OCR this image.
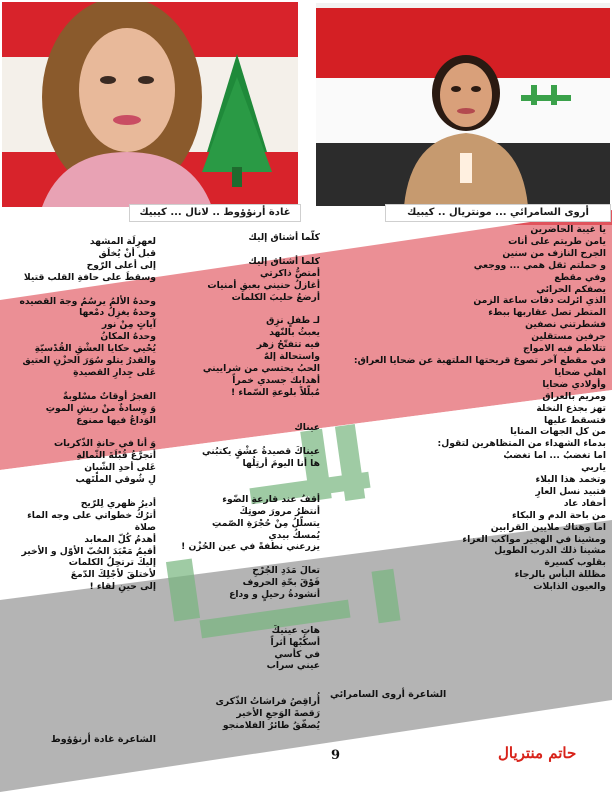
غادة أرنؤؤوط .. لانال ... كيبيك	أروى السامرائي ... مونتريال .. كيبيك
يا غيبة الحاضرين
يامن طريتم على أنات
الجرح النازف من سنين
و حملتم ثقل همي ... ووجعي
وفي مقطع
يصفكم الحرائي
الذي ائرلت دقات ساعة الزمن
المتطر تصل عقاربها ببطء
فشطرتني نصفين
جرفين مستقلين
تتلاطم فيه الامواج
في مقطع آخر تصوغ قريحتها الملتهبة عن ضحايا العراق:
اهلي ضحايا
وأولادي ضحايا
ومريم بالعراق
تهز بجذع النخلة
فتسقط عليها
من كل الجهات المنايا
بدماء الشهداء من المتظاهرين لتقول:
اما تغضبُ ... اما تغضبُ
ياربي
وتخمد هذا البلاء
فتبيد نسل العارِ
أحفاد عاد
من باحة الدم و البكاء
اما وهناك ملايين القرابين
ومشينا في الهجير مواكب العزاء
مشينا ذلك الدرب الطويل
بقلوب كسيرة
مظللة البأس بالرجاء
والعيون الذابلات
كلّما أشتاق إليك
كلما أشتاق إليك
أمتصُّ ذاكرتي
أغازلُ حنيني بعبقِ أمنيات
أرضعُ حليبَ الكلمات
لـ طفلٍ نزِق
يعبثُ بالنّهد
فيه تتفتّحُ زهر
واستحالة إلهٌ
الحبُ يحتسي من شراييني
أهدابك جسدي خمراً
مُبلّلاً بلوعةِ السّماء !
عيناك
عيناكَ قصيدةُ عشْقٍ يكتبُني
ها أنا اليومَ أرتِلُها
أقفُ عند قارعةِ الضّوء
أنتظرُ مرورَ صوتِكَ
يتسلّلُ مِنْ حُجْرَةِ الصّمتِ
يُمسكُ بيدي
يزرعني نطفةً في عين الحُزْن !
تعالَ مَدَدِ الجُرْحِ
فَوْقَ بحّةِ الحروف
أنشودةُ رحيلٍ و وداع
هاتِ عينيكَ
أسكُبْها أثراً
في كأسي
عيني سراب
أُراقِصُ فراشاتُ الذّكرى
رَقصةَ الوَجعِ الأخير
يُصفّقُ طائرُ الفلامنجو
لعهرِلَة المشهد
قبل أنْ يُخلَق
إلى أعلى الرّوح
وسقطَ على حافةِ القلب قتيلا
وحدهُ الألمُ يرسُمُ وجهَ القصيده
وحدهُ يغزِلُ دمْعها
آياتٍ مِنْ نور
وحدهُ المكانُ
يُحْيي حكايا العشْقِ القُدْسيّةِ
والقدرُ يتلو سُوَرَ الحزْنِ العتيق
عَلى جِدارِ القصيدةِ
الفجرُ أوقاتٌ مسْلوبةٌ
وَ وِسادةٌ منْ ريشِ الموتِ
الوَداعُ فيها ممنوع
وَ أنا في حانةِ الذّكريات
أتجرَّعُ قُبْلَةَ الثّمالةِ
عَلى أحدِ الشّبان
لِ شُوقي الملْتَهب
أديرُ ظهري لِلرّيح
أترُكُ خطواتي على وجه الماء
صلاة
أهدمُ كُلّ المعابد
أقيمُ مَعْبَدَ الحُبّ الأوّل و الأخير
إليكَ ترتحِلُ الكلمات
لأختلقَ لأجْلِكَ الدّمعَ
إلى حينِ لقاء !
الشاعرة أروى السامرائي
الشاعرة غادة أرنؤؤوط
9	حاتم منتريال
